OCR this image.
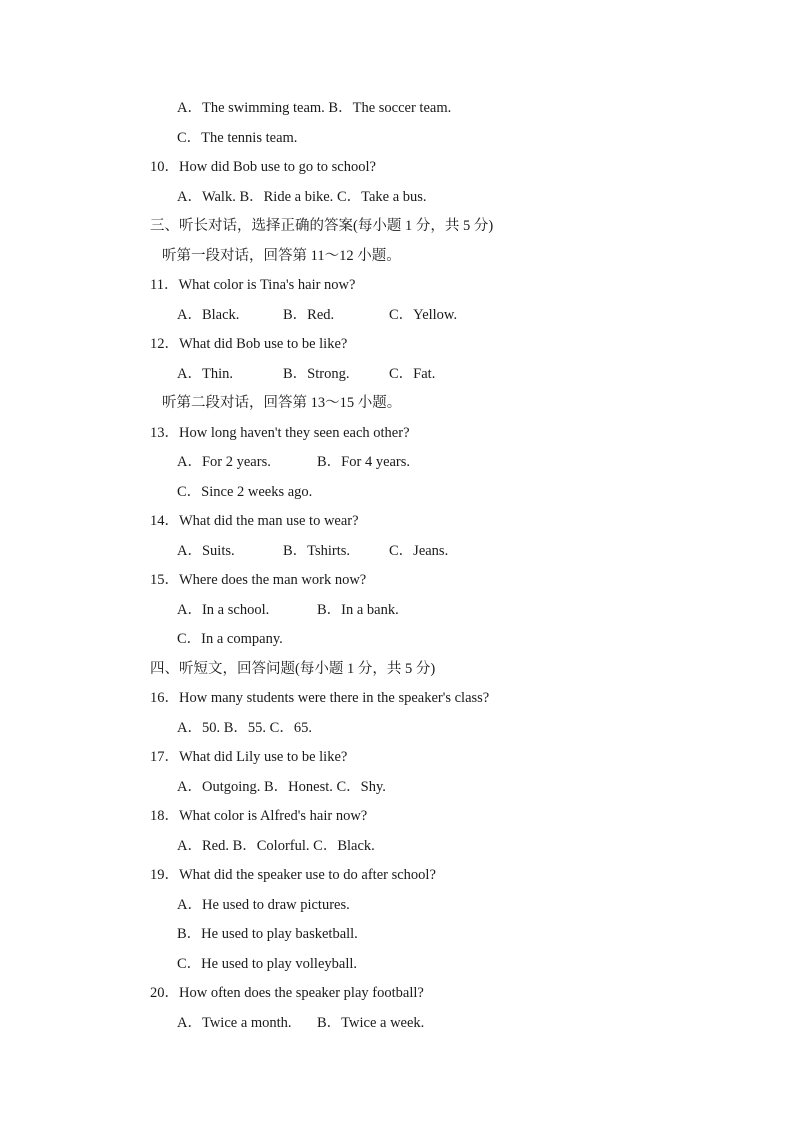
A．The swimming team. B．The soccer team.
C．The tennis team.
10．How did Bob use to go to school?
A．Walk. B．Ride a bike. C．Take a bus.
三、听长对话，选择正确的答案(每小题 1 分，共 5 分)
听第一段对话，回答第 11～12 小题。
11．What color is Tina's hair now?
A．Black.	B．Red.	C．Yellow.
12．What did Bob use to be like?
A．Thin.	B．Strong.	C．Fat.
听第二段对话，回答第 13～15 小题。
13．How long haven't they seen each other?
A．For 2 years.	B．For 4 years.
C．Since 2 weeks ago.
14．What did the man use to wear?
A．Suits.	B．Tshirts.	C．Jeans.
15．Where does the man work now?
A．In a school.	B．In a bank.
C．In a company.
四、听短文，回答问题(每小题 1 分，共 5 分)
16．How many students were there in the speaker's class?
A．50. B．55. C．65.
17．What did Lily use to be like?
A．Outgoing. B．Honest. C．Shy.
18．What color is Alfred's hair now?
A．Red. B．Colorful. C．Black.
19．What did the speaker use to do after school?
A．He used to draw pictures.
B．He used to play basketball.
C．He used to play volleyball.
20．How often does the speaker play football?
A．Twice a month. B．Twice a week.
